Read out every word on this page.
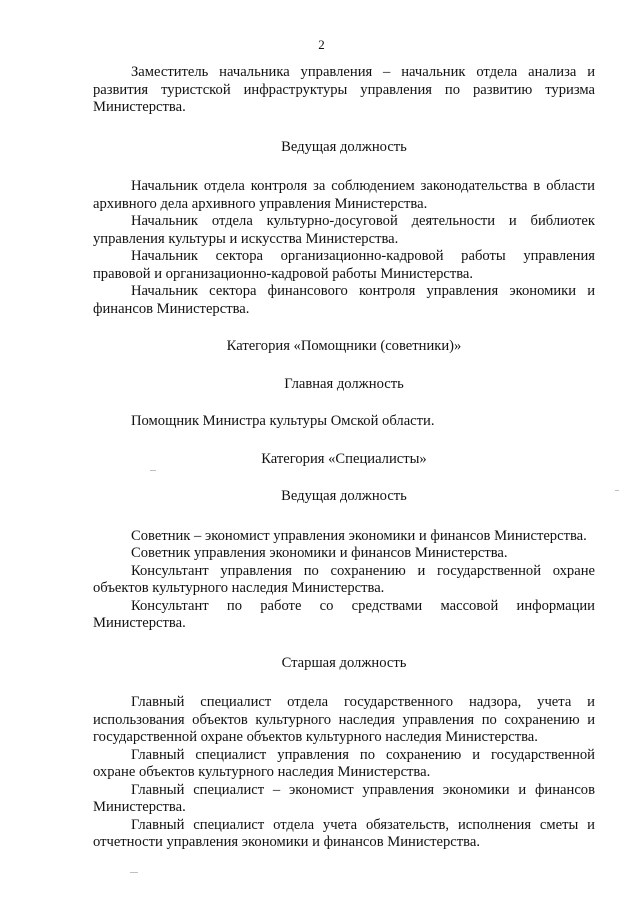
2

Заместитель начальника управления – начальник отдела анализа и развития туристской инфраструктуры управления по развитию туризма Министерства.

Ведущая должность

Начальник отдела контроля за соблюдением законодательства в области архивного дела архивного управления Министерства.

Начальник отдела культурно-досуговой деятельности и библиотек управления культуры и искусства Министерства.

Начальник сектора организационно-кадровой работы управления правовой и организационно-кадровой работы Министерства.

Начальник сектора финансового контроля управления экономики и финансов Министерства.

Категория «Помощники (советники)»

Главная должность

Помощник Министра культуры Омской области.

Категория «Специалисты»

Ведущая должность

Советник – экономист управления экономики и финансов Министерства.

Советник управления экономики и финансов Министерства.

Консультант управления по сохранению и государственной охране объектов культурного наследия Министерства.

Консультант по работе со средствами массовой информации Министерства.

Старшая должность

Главный специалист отдела государственного надзора, учета и использования объектов культурного наследия управления по сохранению и государственной охране объектов культурного наследия Министерства.

Главный специалист управления по сохранению и государственной охране объектов культурного наследия Министерства.

Главный специалист – экономист управления экономики и финансов Министерства.

Главный специалист отдела учета обязательств, исполнения сметы и отчетности управления экономики и финансов Министерства.
